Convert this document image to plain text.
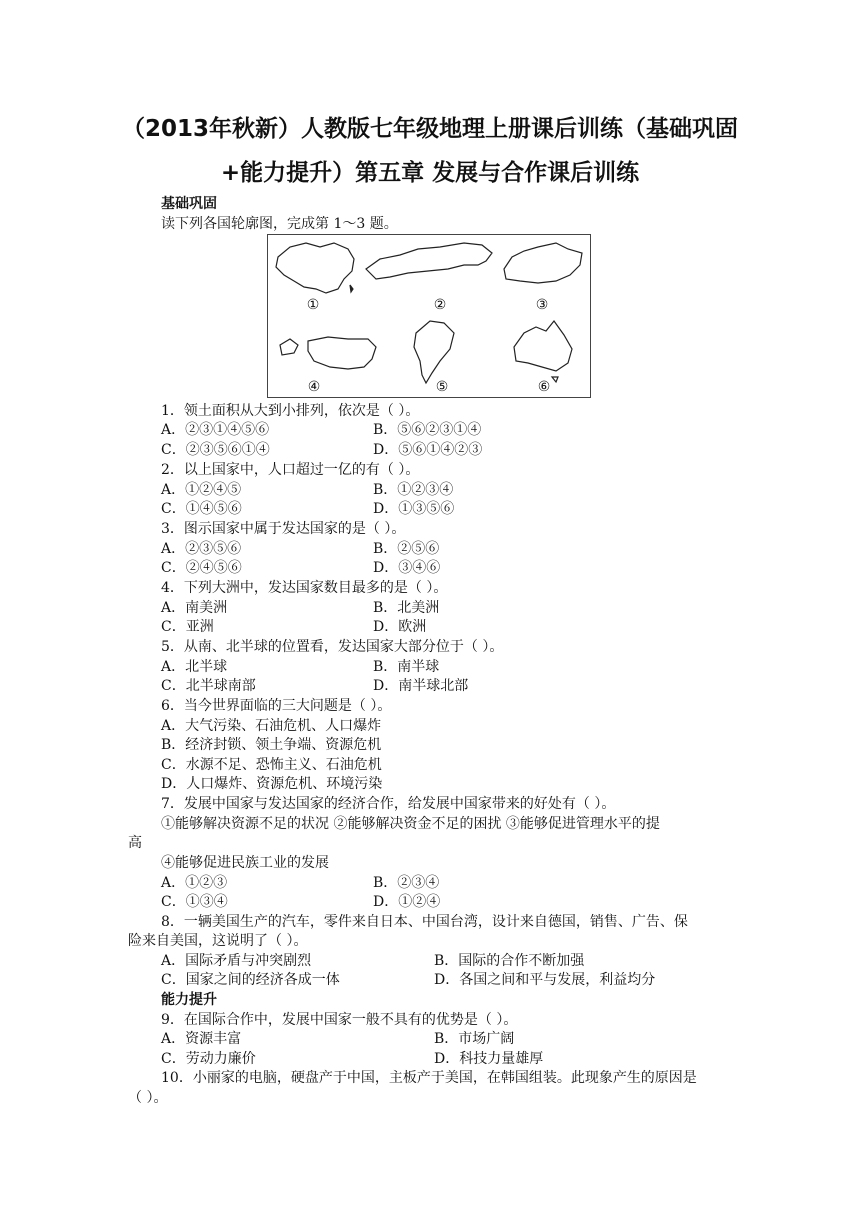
（2013年秋新）人教版七年级地理上册课后训练（基础巩固
+能力提升）第五章 发展与合作课后训练
基础巩固
读下列各国轮廓图，完成第 1～3 题。
①	②	③
④	⑤	⑥
1．领土面积从大到小排列，依次是（ ）。
A．②③①④⑤⑥	B．⑤⑥②③①④
C．②③⑤⑥①④	D．⑤⑥①④②③
2．以上国家中，人口超过一亿的有（ ）。
A．①②④⑤	B．①②③④
C．①④⑤⑥	D．①③⑤⑥
3．图示国家中属于发达国家的是（ ）。
A．②③⑤⑥	B．②⑤⑥
C．②④⑤⑥	D．③④⑥
4．下列大洲中，发达国家数目最多的是（ ）。
A．南美洲	B．北美洲
C．亚洲	D．欧洲
5．从南、北半球的位置看，发达国家大部分位于（ ）。
A．北半球	B．南半球
C．北半球南部	D．南半球北部
6．当今世界面临的三大问题是（ ）。
A．大气污染、石油危机、人口爆炸
B．经济封锁、领土争端、资源危机
C．水源不足、恐怖主义、石油危机
D．人口爆炸、资源危机、环境污染
7．发展中国家与发达国家的经济合作，给发展中国家带来的好处有（ ）。
①能够解决资源不足的状况 ②能够解决资金不足的困扰 ③能够促进管理水平的提
高
④能够促进民族工业的发展
A．①②③	B．②③④
C．①③④	D．①②④
8．一辆美国生产的汽车，零件来自日本、中国台湾，设计来自德国，销售、广告、保
险来自美国，这说明了（ ）。
A．国际矛盾与冲突剧烈	B．国际的合作不断加强
C．国家之间的经济各成一体	D．各国之间和平与发展，利益均分
能力提升
9．在国际合作中，发展中国家一般不具有的优势是（ ）。
A．资源丰富	B．市场广阔
C．劳动力廉价	D．科技力量雄厚
10．小丽家的电脑，硬盘产于中国，主板产于美国，在韩国组装。此现象产生的原因是
（ ）。
